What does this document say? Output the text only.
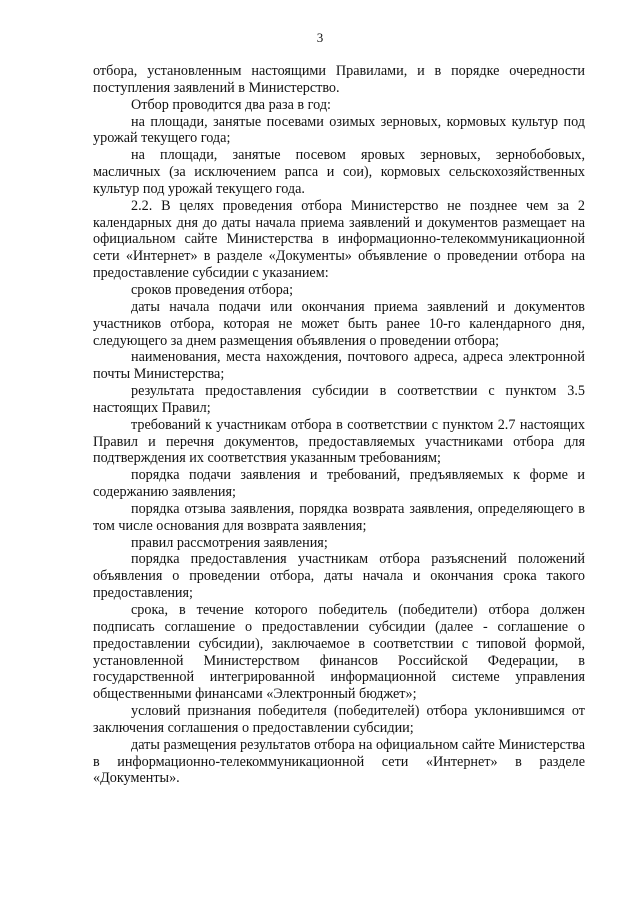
3

отбора, установленным настоящими Правилами, и в порядке очередности поступления заявлений в Министерство.

Отбор проводится два раза в год:

на площади, занятые посевами озимых зерновых, кормовых культур под урожай текущего года;

на площади, занятые посевом яровых зерновых, зернобобовых, масличных (за исключением рапса и сои), кормовых сельскохозяйственных культур под урожай текущего года.

2.2. В целях проведения отбора Министерство не позднее чем за 2 календарных дня до даты начала приема заявлений и документов размещает на официальном сайте Министерства в информационно-телекоммуникационной сети «Интернет» в разделе «Документы» объявление о проведении отбора на предоставление субсидии с указанием:

сроков проведения отбора;

даты начала подачи или окончания приема заявлений и документов участников отбора, которая не может быть ранее 10-го календарного дня, следующего за днем размещения объявления о проведении отбора;

наименования, места нахождения, почтового адреса, адреса электронной почты Министерства;

результата предоставления субсидии в соответствии с пунктом 3.5 настоящих Правил;

требований к участникам отбора в соответствии с пунктом 2.7 настоящих Правил и перечня документов, предоставляемых участниками отбора для подтверждения их соответствия указанным требованиям;

порядка подачи заявления и требований, предъявляемых к форме и содержанию заявления;

порядка отзыва заявления, порядка возврата заявления, определяющего в том числе основания для возврата заявления;

правил рассмотрения заявления;

порядка предоставления участникам отбора разъяснений положений объявления о проведении отбора, даты начала и окончания срока такого предоставления;

срока, в течение которого победитель (победители) отбора должен подписать соглашение о предоставлении субсидии (далее - соглашение о предоставлении субсидии), заключаемое в соответствии с типовой формой, установленной Министерством финансов Российской Федерации, в государственной интегрированной информационной системе управления общественными финансами «Электронный бюджет»;

условий признания победителя (победителей) отбора уклонившимся от заключения соглашения о предоставлении субсидии;

даты размещения результатов отбора на официальном сайте Министерства в информационно-телекоммуникационной сети «Интернет» в разделе «Документы».
